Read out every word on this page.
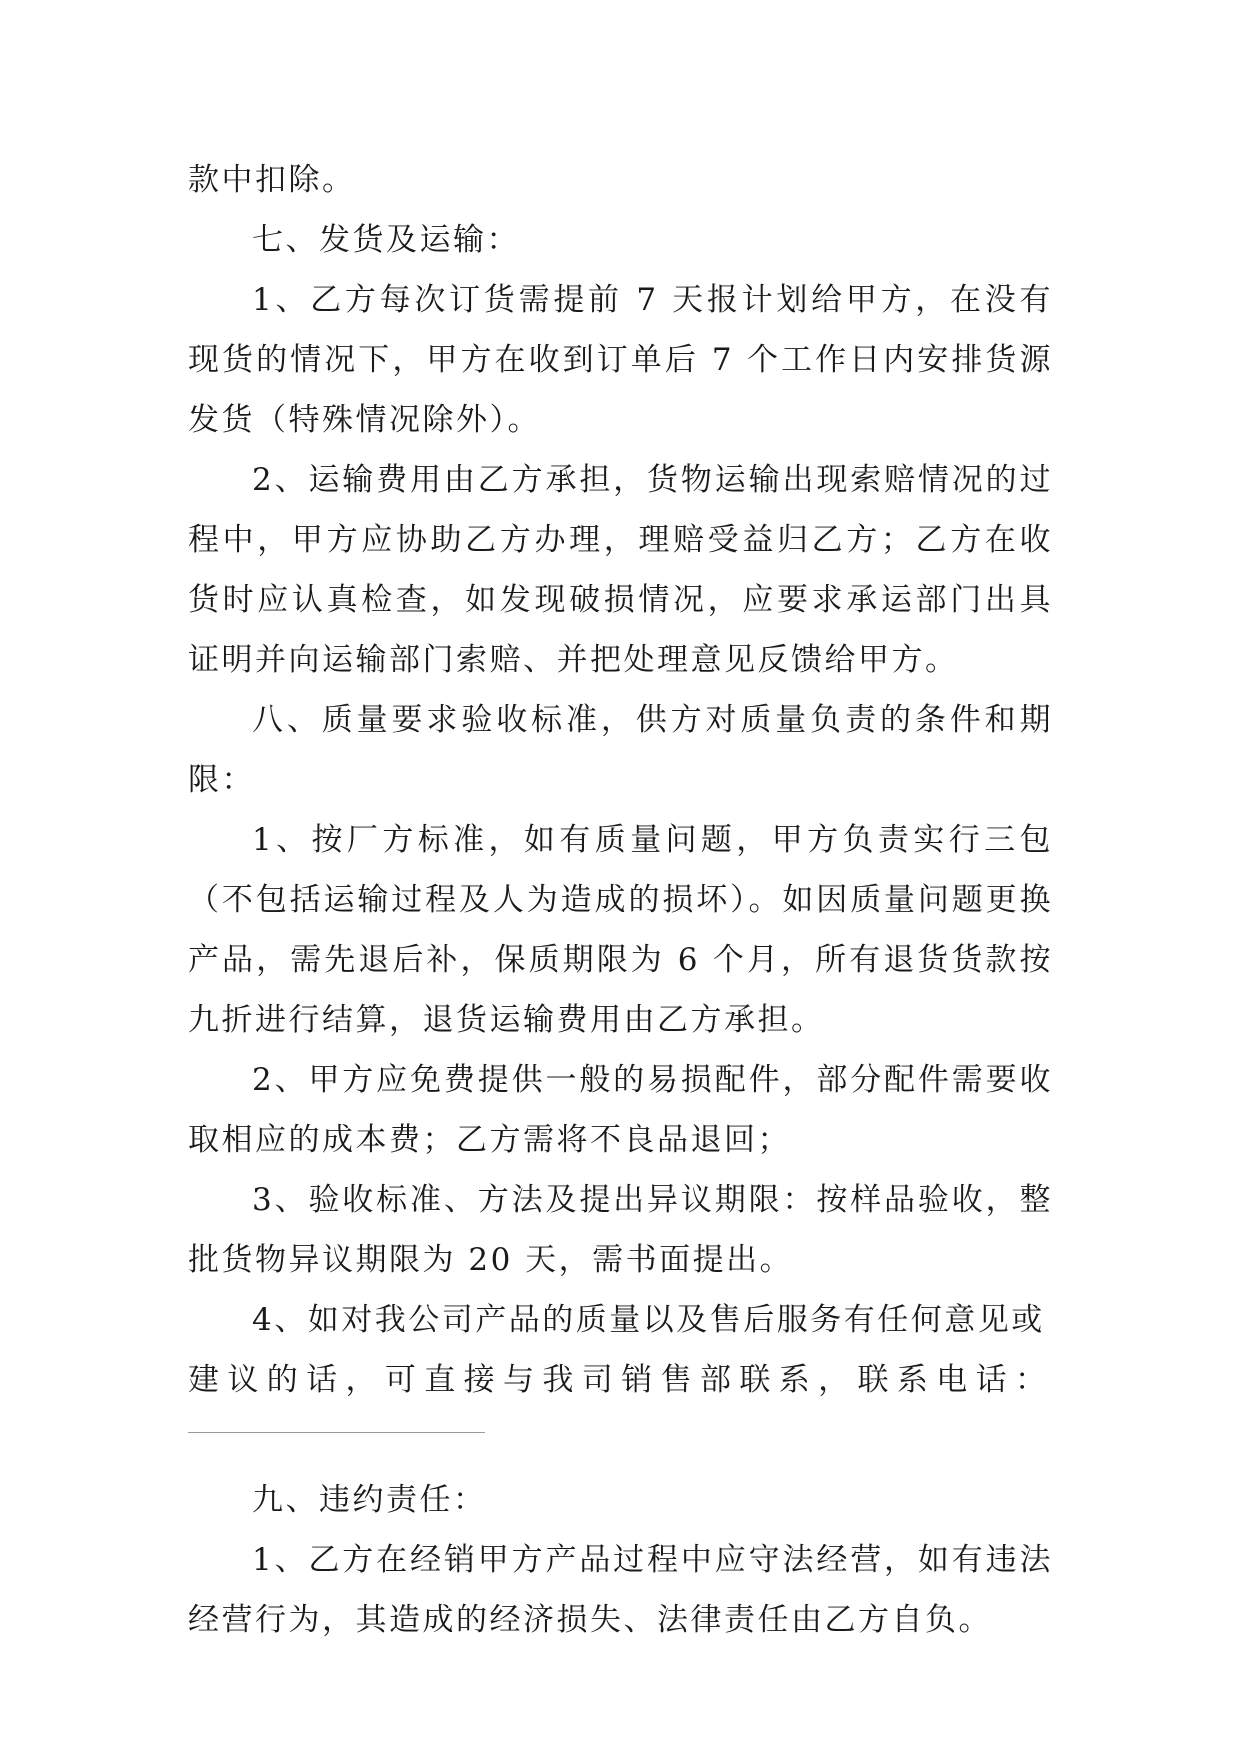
款中扣除。

七、发货及运输：

1、乙方每次订货需提前 7 天报计划给甲方，在没有现货的情况下，甲方在收到订单后 7 个工作日内安排货源发货（特殊情况除外）。

2、运输费用由乙方承担，货物运输出现索赔情况的过程中，甲方应协助乙方办理，理赔受益归乙方；乙方在收货时应认真检查，如发现破损情况，应要求承运部门出具证明并向运输部门索赔、并把处理意见反馈给甲方。

八、质量要求验收标准，供方对质量负责的条件和期限：

1、按厂方标准，如有质量问题，甲方负责实行三包（不包括运输过程及人为造成的损坏）。如因质量问题更换产品，需先退后补，保质期限为 6 个月，所有退货货款按九折进行结算，退货运输费用由乙方承担。

2、甲方应免费提供一般的易损配件，部分配件需要收取相应的成本费；乙方需将不良品退回；

3、验收标准、方法及提出异议期限：按样品验收，整批货物异议期限为 20 天，需书面提出。

4、如对我公司产品的质量以及售后服务有任何意见或

建议的话，可直接与我司销售部联系，联系电话：

九、违约责任：

1、乙方在经销甲方产品过程中应守法经营，如有违法经营行为，其造成的经济损失、法律责任由乙方自负。
